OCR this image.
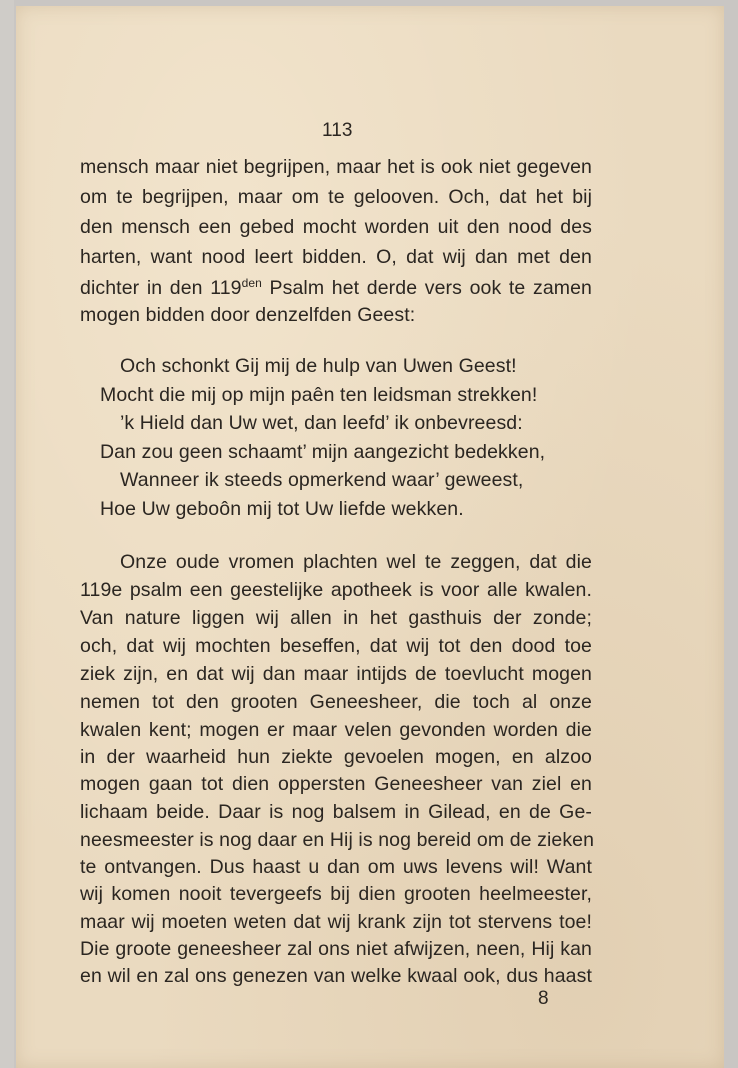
113
mensch maar niet begrijpen, maar het is ook niet gegeven
om te begrijpen, maar om te gelooven. Och, dat het bij
den mensch een gebed mocht worden uit den nood des
harten, want nood leert bidden. O, dat wij dan met den
dichter in den $119^{den}$ Psalm het derde vers ook te zamen
mogen bidden door denzelfden Geest:
Och schonkt Gij mij de hulp van Uwen Geest!
Mocht die mij op mijn paên ten leidsman strekken!
’k Hield dan Uw wet, dan leefd’ ik onbevreesd:
Dan zou geen schaamt’ mijn aangezicht bedekken,
Wanneer ik steeds opmerkend waar’ geweest,
Hoe Uw geboôn mij tot Uw liefde wekken.
Onze oude vromen plachten wel te zeggen, dat die
119e psalm een geestelijke apotheek is voor alle kwalen.
Van nature liggen wij allen in het gasthuis der zonde;
och, dat wij mochten beseffen, dat wij tot den dood toe
ziek zijn, en dat wij dan maar intijds de toevlucht mogen
nemen tot den grooten Geneesheer, die toch al onze
kwalen kent; mogen er maar velen gevonden worden die
in der waarheid hun ziekte gevoelen mogen, en alzoo
mogen gaan tot dien oppersten Geneesheer van ziel en
lichaam beide. Daar is nog balsem in Gilead, en de Ge-
neesmeester is nog daar en Hij is nog bereid om de zieken
te ontvangen. Dus haast u dan om uws levens wil! Want
wij komen nooit tevergeefs bij dien grooten heelmeester,
maar wij moeten weten dat wij krank zijn tot stervens toe!
Die groote geneesheer zal ons niet afwijzen, neen, Hij kan
en wil en zal ons genezen van welke kwaal ook, dus haast
8
